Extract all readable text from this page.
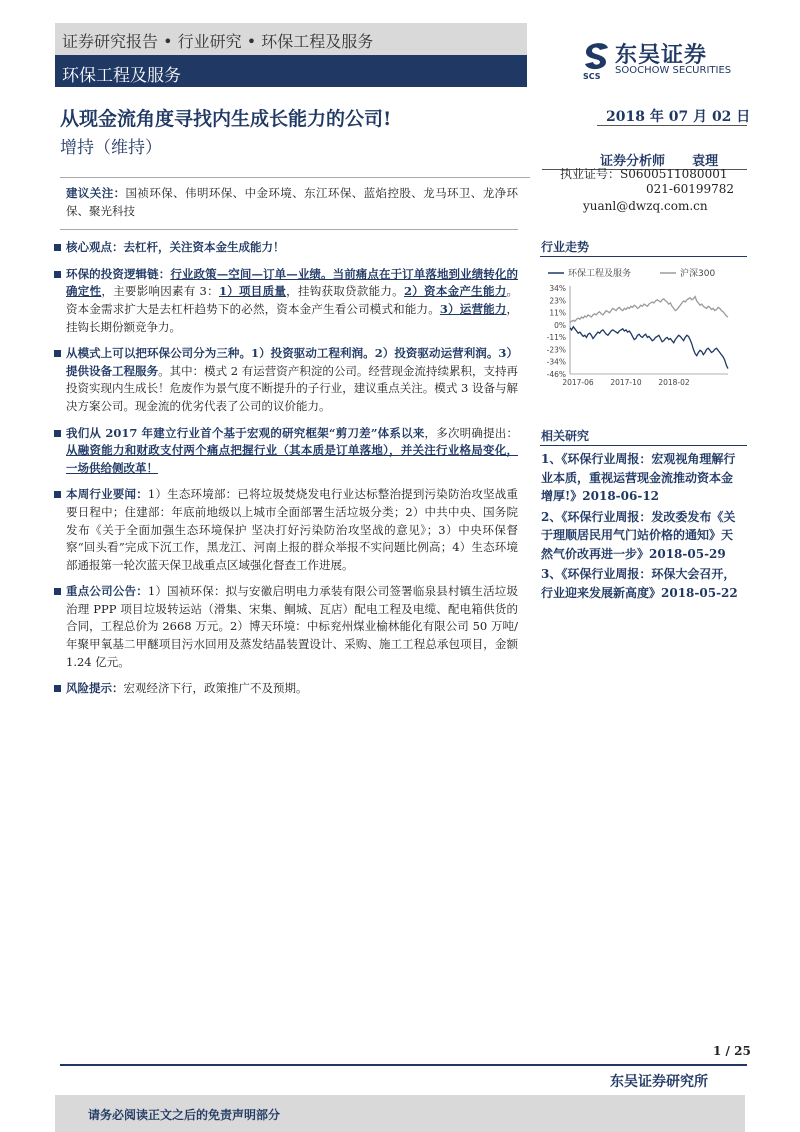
证券研究报告 • 行业研究 • 环保工程及服务
环保工程及服务	SCS
东吴证券
SOOCHOW SECURITIES
从现金流角度寻找内生成长能力的公司!
增持（维持）
2018 年 07 月 02 日
证券分析师 袁理
执业证号：S0600511080001
021-60199782
yuanl@dwzq.com.cn

建议关注：国祯环保、伟明环保、中金环境、东江环保、蓝焰控股、龙马环卫、龙净环保、聚光科技

核心观点：去杠杆，关注资本金生成能力！

环保的投资逻辑链：行业政策—空间—订单—业绩。当前痛点在于订单落地到业绩转化的确定性，主要影响因素有 3：1）项目质量，挂钩获取贷款能力。2）资本金产生能力。资本金需求扩大是去杠杆趋势下的必然，资本金产生看公司模式和能力。3）运营能力，挂钩长期份额竞争力。

从模式上可以把环保公司分为三种。1）投资驱动工程利润。2）投资驱动运营利润。3）提供设备工程服务。其中：模式 2 有运营资产积淀的公司。经营现金流持续累积，支持再投资实现内生成长！危废作为景气度不断提升的子行业，建议重点关注。模式 3 设备与解决方案公司。现金流的优劣代表了公司的议价能力。

我们从 2017 年建立行业首个基于宏观的研究框架“剪刀差”体系以来，多次明确提出：从融资能力和财政支付两个痛点把握行业（其本质是订单落地），并关注行业格局变化，一场供给侧改革！

本周行业要闻：1）生态环境部：已将垃圾焚烧发电行业达标整治提到污染防治攻坚战重要日程中；住建部：年底前地级以上城市全面部署生活垃圾分类；2）中共中央、国务院发布《关于全面加强生态环境保护 坚决打好污染防治攻坚战的意见》；3）中央环保督察“回头看”完成下沉工作，黑龙江、河南上报的群众举报不实问题比例高；4）生态环境部通报第一轮次蓝天保卫战重点区域强化督查工作进展。

重点公司公告：1）国祯环保：拟与安徽启明电力承装有限公司签署临泉县村镇生活垃圾治理 PPP 项目垃圾转运站（滑集、宋集、鲖城、瓦店）配电工程及电缆、配电箱供货的合同，工程总价为 2668 万元。2）博天环境：中标兖州煤业榆林能化有限公司 50 万吨/年聚甲氧基二甲醚项目污水回用及蒸发结晶装置设计、采购、施工工程总承包项目，金额 1.24 亿元。

风险提示：宏观经济下行，政策推广不及预期。

行业走势
环保工程及服务	沪深300
34%
23%
11%
0%
-11%
-23%
-34%
-46%
2017-06 2017-10 2018-02
相关研究
1、《环保行业周报：宏观视角理解行业本质，重视运营现金流推动资本金增厚!》2018-06-12
2、《环保行业周报：发改委发布《关于理顺居民用气门站价格的通知》天然气价改再进一步》2018-05-29
3、《环保行业周报：环保大会召开，行业迎来发展新高度》2018-05-22
1 / 25
东吴证券研究所
请务必阅读正文之后的免责声明部分
